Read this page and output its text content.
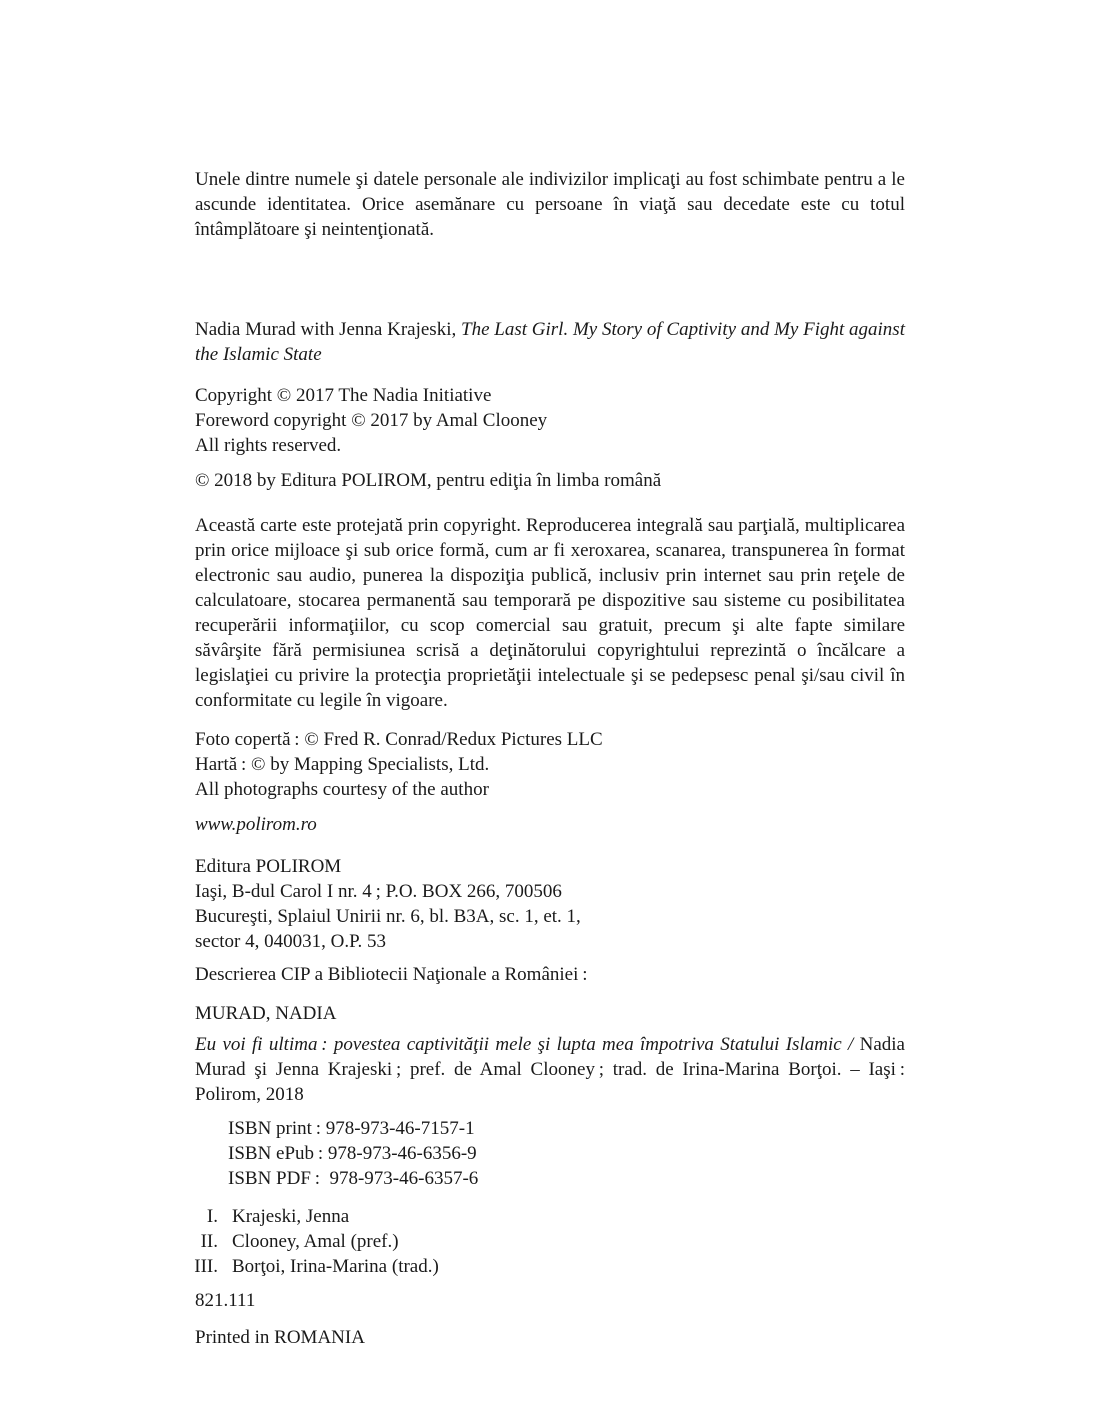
Unele dintre numele şi datele personale ale indivizilor implicaţi au fost schimbate pentru a le ascunde identitatea. Orice asemănare cu persoane în viaţă sau decedate este cu totul întâmplătoare şi neintenţionată.

Nadia Murad with Jenna Krajeski, The Last Girl. My Story of Captivity and My Fight against the Islamic State

Copyright © 2017 The Nadia Initiative
Foreword copyright © 2017 by Amal Clooney
All rights reserved.

© 2018 by Editura POLIROM, pentru ediţia în limba română

Această carte este protejată prin copyright. Reproducerea integrală sau parţială, multiplicarea prin orice mijloace şi sub orice formă, cum ar fi xeroxarea, scanarea, transpunerea în format electronic sau audio, punerea la dispoziţia publică, inclusiv prin internet sau prin reţele de calculatoare, stocarea permanentă sau temporară pe dispozitive sau sisteme cu posibilitatea recuperării informaţiilor, cu scop comercial sau gratuit, precum şi alte fapte similare săvârşite fără permisiunea scrisă a deţinătorului copyrightului reprezintă o încălcare a legislaţiei cu privire la protecţia proprietăţii intelectuale şi se pedepsesc penal şi/sau civil în conformitate cu legile în vigoare.

Foto copertă : © Fred R. Conrad/Redux Pictures LLC
Hartă : © by Mapping Specialists, Ltd.
All photographs courtesy of the author

www.polirom.ro

Editura POLIROM
Iaşi, B-dul Carol I nr. 4 ; P.O. BOX 266, 700506
Bucureşti, Splaiul Unirii nr. 6, bl. B3A, sc. 1, et. 1,
sector 4, 040031, O.P. 53

Descrierea CIP a Bibliotecii Naţionale a României :

MURAD, NADIA

Eu voi fi ultima : povestea captivităţii mele şi lupta mea împotriva Statului Islamic / Nadia Murad şi Jenna Krajeski ; pref. de Amal Clooney ; trad. de Irina-Marina Borţoi. – Iaşi : Polirom, 2018

ISBN print : 978-973-46-7157-1
ISBN ePub : 978-973-46-6356-9
ISBN PDF :  978-973-46-6357-6
I. Krajeski, Jenna
II. Clooney, Amal (pref.)
III. Borţoi, Irina-Marina (trad.)

821.111

Printed in ROMANIA
